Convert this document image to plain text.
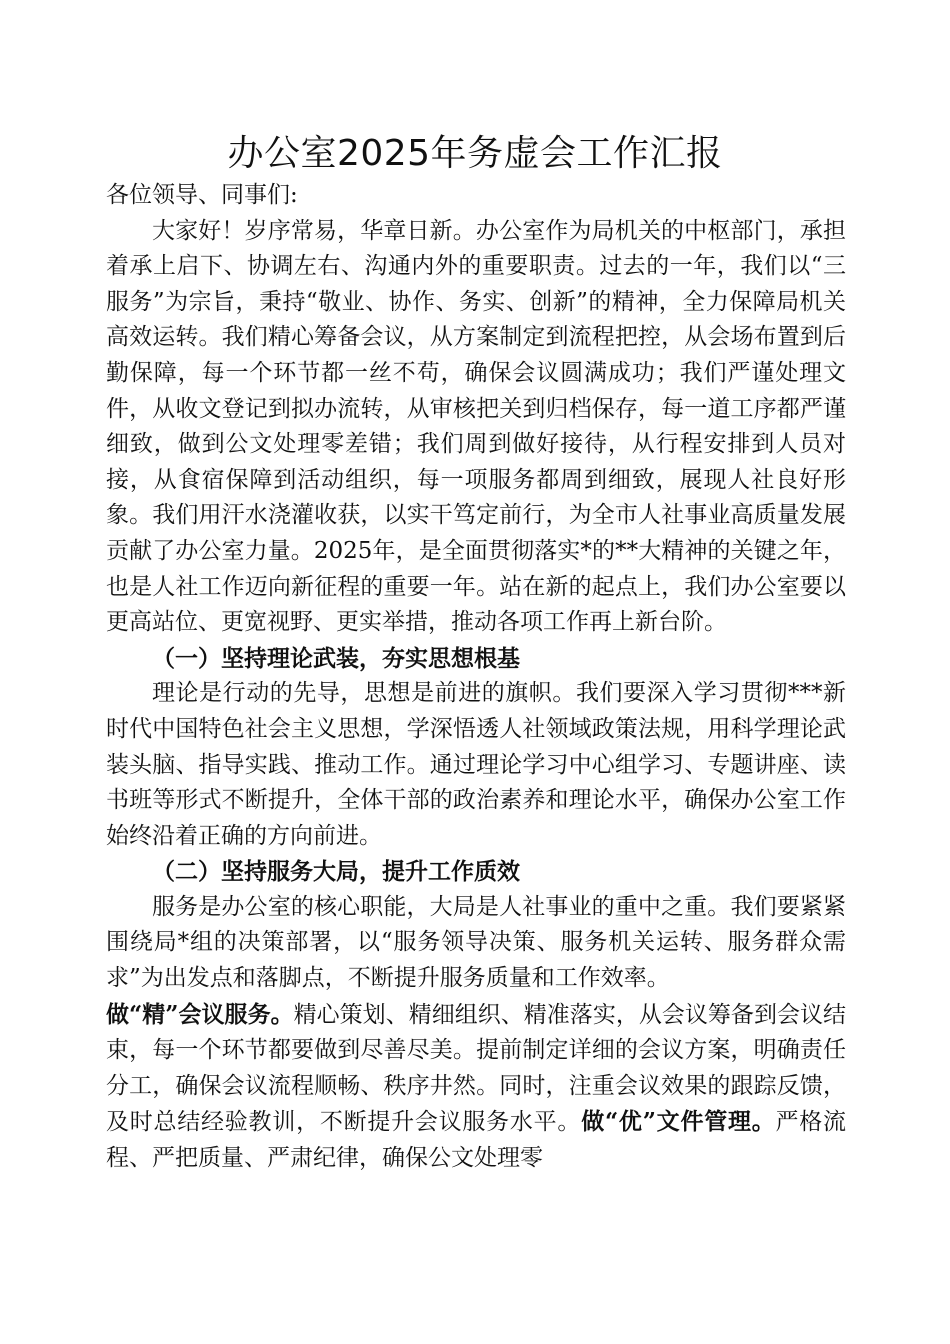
办公室2025年务虚会工作汇报

各位领导、同事们:

大家好！岁序常易，华章日新。办公室作为局机关的中枢部门，承担着承上启下、协调左右、沟通内外的重要职责。过去的一年，我们以“三服务”为宗旨，秉持“敬业、协作、务实、创新”的精神，全力保障局机关高效运转。我们精心筹备会议，从方案制定到流程把控，从会场布置到后勤保障，每一个环节都一丝不苟，确保会议圆满成功；我们严谨处理文件，从收文登记到拟办流转，从审核把关到归档保存，每一道工序都严谨细致，做到公文处理零差错；我们周到做好接待，从行程安排到人员对接，从食宿保障到活动组织，每一项服务都周到细致，展现人社良好形象。我们用汗水浇灌收获，以实干笃定前行，为全市人社事业高质量发展贡献了办公室力量。2025年，是全面贯彻落实*的**大精神的关键之年，也是人社工作迈向新征程的重要一年。站在新的起点上，我们办公室要以更高站位、更宽视野、更实举措，推动各项工作再上新台阶。

（一）坚持理论武装，夯实思想根基

理论是行动的先导，思想是前进的旗帜。我们要深入学习贯彻***新时代中国特色社会主义思想，学深悟透人社领域政策法规，用科学理论武装头脑、指导实践、推动工作。通过理论学习中心组学习、专题讲座、读书班等形式不断提升，全体干部的政治素养和理论水平，确保办公室工作始终沿着正确的方向前进。

（二）坚持服务大局，提升工作质效

服务是办公室的核心职能，大局是人社事业的重中之重。我们要紧紧围绕局*组的决策部署，以“服务领导决策、服务机关运转、服务群众需求”为出发点和落脚点，不断提升服务质量和工作效率。

做“精”会议服务。精心策划、精细组织、精准落实，从会议筹备到会议结束，每一个环节都要做到尽善尽美。提前制定详细的会议方案，明确责任分工，确保会议流程顺畅、秩序井然。同时，注重会议效果的跟踪反馈，及时总结经验教训，不断提升会议服务水平。做“优”文件管理。严格流程、严把质量、严肃纪律，确保公文处理零
